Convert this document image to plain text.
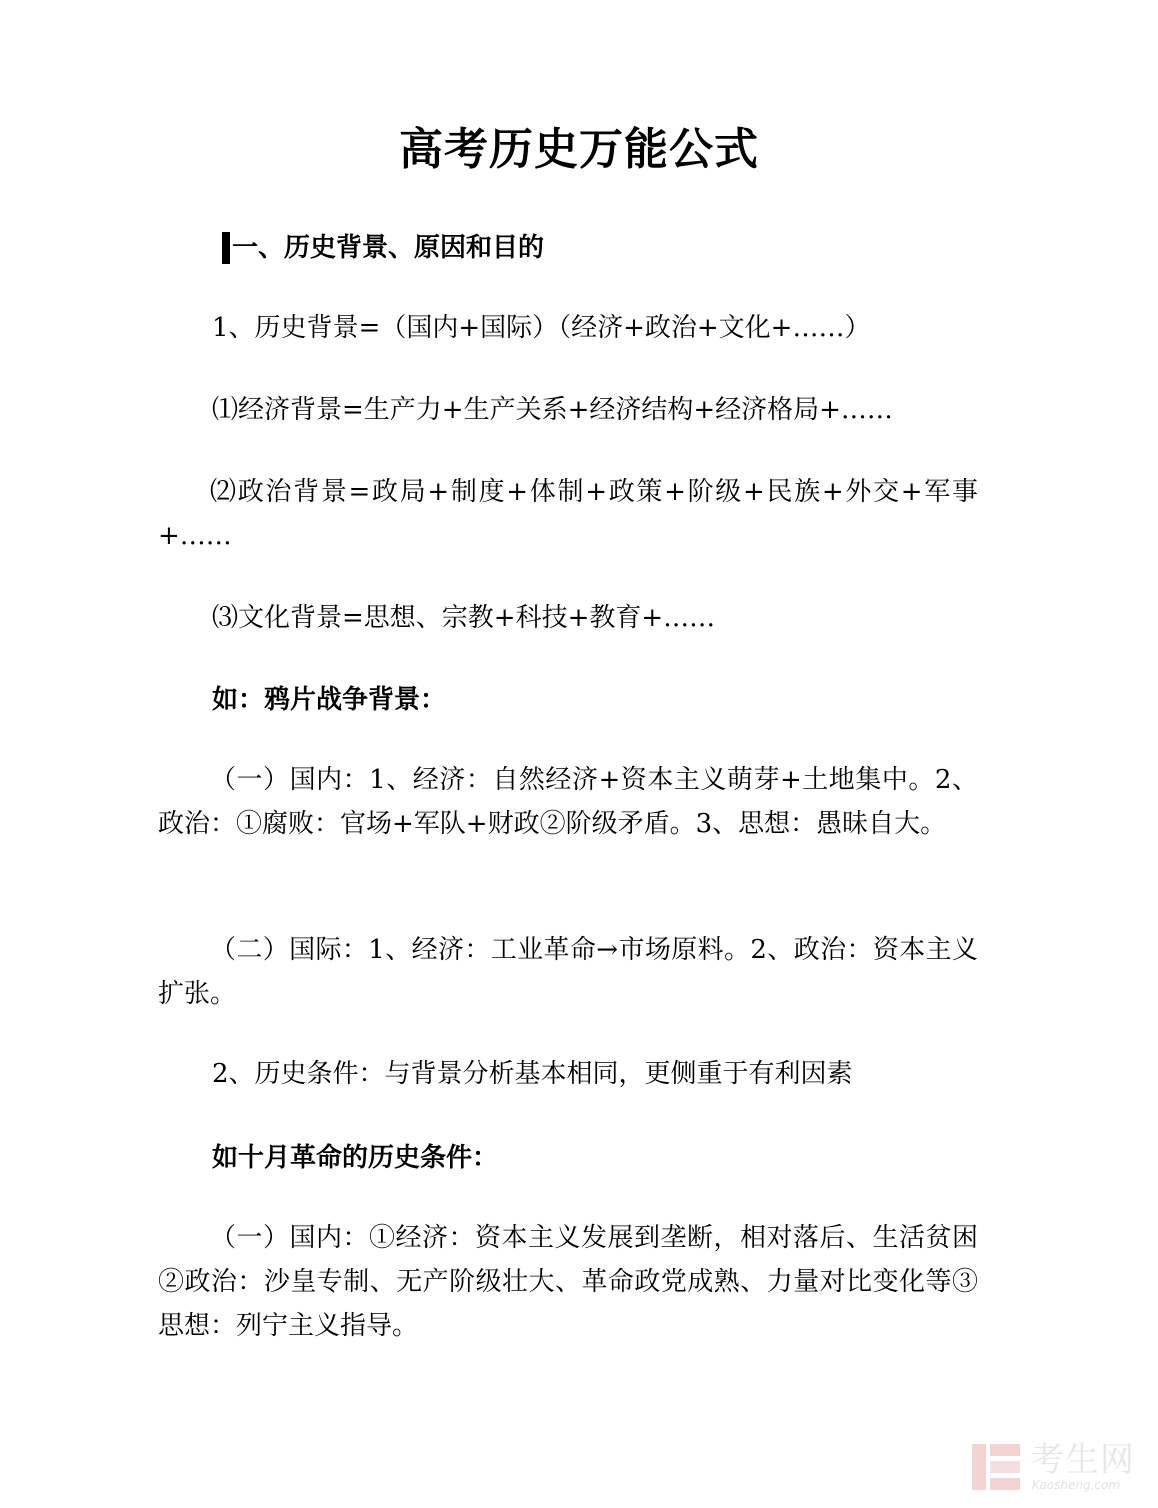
高考历史万能公式

一、历史背景、原因和目的

1、历史背景=（国内+国际）（经济+政治+文化+……）

⑴经济背景=生产力+生产关系+经济结构+经济格局+……

⑵政治背景=政局+制度+体制+政策+阶级+民族+外交+军事+……

⑶文化背景=思想、宗教+科技+教育+……

如：鸦片战争背景：

（一）国内：1、经济：自然经济+资本主义萌芽+土地集中。2、政治：①腐败：官场+军队+财政②阶级矛盾。3、思想：愚昧自大。

（二）国际：1、经济：工业革命→市场原料。2、政治：资本主义扩张。

2、历史条件：与背景分析基本相同，更侧重于有利因素

如十月革命的历史条件：

（一）国内：①经济：资本主义发展到垄断，相对落后、生活贫困②政治：沙皇专制、无产阶级壮大、革命政党成熟、力量对比变化等③思想：列宁主义指导。

考生网
Kaosheng.com
